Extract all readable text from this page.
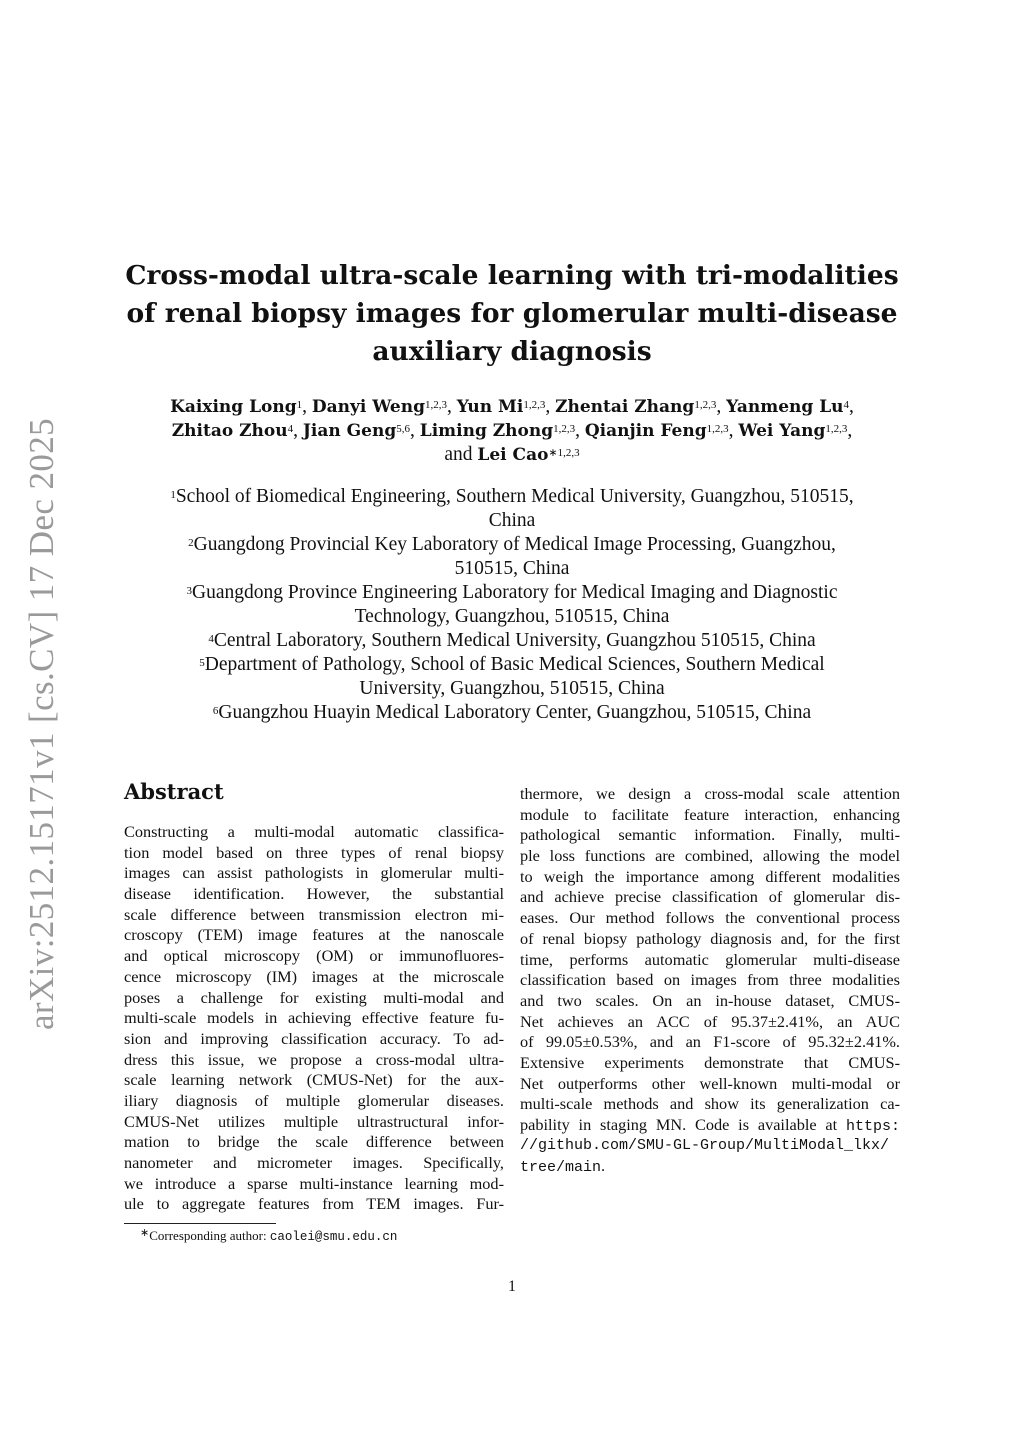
arXiv:2512.15171v1 [cs.CV] 17 Dec 2025
Cross-modal ultra-scale learning with tri-modalities
of renal biopsy images for glomerular multi-disease
auxiliary diagnosis
Kaixing Long$^1$, Danyi Weng$^{1,2,3}$, Yun Mi$^{1,2,3}$, Zhentai Zhang$^{1,2,3}$, Yanmeng Lu$^4$,
Zhitao Zhou$^4$, Jian Geng$^{5,6}$, Liming Zhong$^{1,2,3}$, Qianjin Feng$^{1,2,3}$, Wei Yang$^{1,2,3}$,
and Lei Cao$^{∗1,2,3}$
$^1$School of Biomedical Engineering, Southern Medical University, Guangzhou, 510515,
China
$^2$Guangdong Provincial Key Laboratory of Medical Image Processing, Guangzhou,
510515, China
$^3$Guangdong Province Engineering Laboratory for Medical Imaging and Diagnostic
Technology, Guangzhou, 510515, China
$^4$Central Laboratory, Southern Medical University, Guangzhou 510515, China
$^5$Department of Pathology, School of Basic Medical Sciences, Southern Medical
University, Guangzhou, 510515, China
$^6$Guangzhou Huayin Medical Laboratory Center, Guangzhou, 510515, China
Abstract
Constructing a multi-modal automatic classifica-
tion model based on three types of renal biopsy
images can assist pathologists in glomerular multi-
disease identification. However, the substantial
scale difference between transmission electron mi-
croscopy (TEM) image features at the nanoscale
and optical microscopy (OM) or immunofluores-
cence microscopy (IM) images at the microscale
poses a challenge for existing multi-modal and
multi-scale models in achieving effective feature fu-
sion and improving classification accuracy. To ad-
dress this issue, we propose a cross-modal ultra-
scale learning network (CMUS-Net) for the aux-
iliary diagnosis of multiple glomerular diseases.
CMUS-Net utilizes multiple ultrastructural infor-
mation to bridge the scale difference between
nanometer and micrometer images. Specifically,
we introduce a sparse multi-instance learning mod-
ule to aggregate features from TEM images. Fur-
thermore, we design a cross-modal scale attention
module to facilitate feature interaction, enhancing
pathological semantic information. Finally, multi-
ple loss functions are combined, allowing the model
to weigh the importance among different modalities
and achieve precise classification of glomerular dis-
eases. Our method follows the conventional process
of renal biopsy pathology diagnosis and, for the first
time, performs automatic glomerular multi-disease
classification based on images from three modalities
and two scales. On an in-house dataset, CMUS-
Net achieves an ACC of 95.37±2.41%, an AUC
of 99.05±0.53%, and an F1-score of 95.32±2.41%.
Extensive experiments demonstrate that CMUS-
Net outperforms other well-known multi-modal or
multi-scale methods and show its generalization ca-
pability in staging MN. Code is available at https:
//github.com/SMU-GL-Group/MultiModal_lkx/
tree/main.
∗Corresponding author: caolei@smu.edu.cn
1
